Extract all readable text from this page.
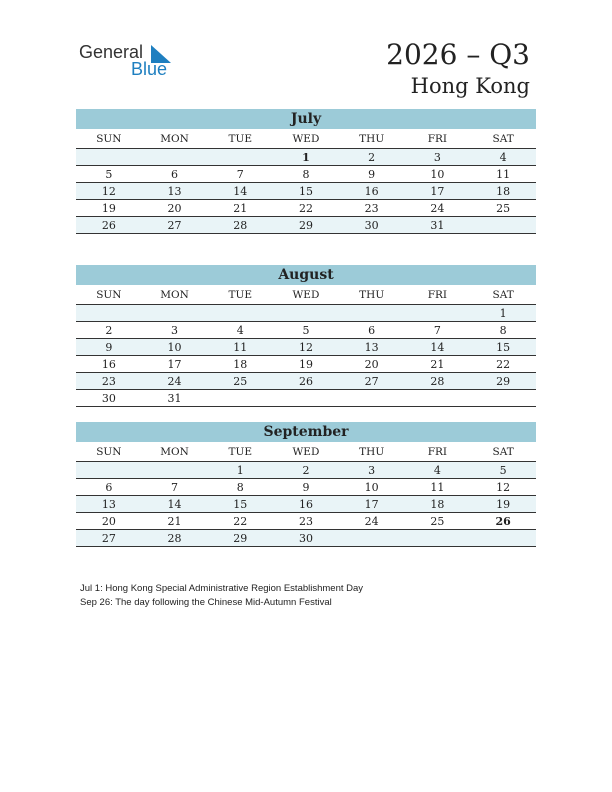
General
Blue	2026 – Q3
Hong Kong
July
SUN	MON	TUE	WED	THU	FRI	SAT
			1	2	3	4
5	6	7	8	9	10	11
12	13	14	15	16	17	18
19	20	21	22	23	24	25
26	27	28	29	30	31	
August
SUN	MON	TUE	WED	THU	FRI	SAT
						1
2	3	4	5	6	7	8
9	10	11	12	13	14	15
16	17	18	19	20	21	22
23	24	25	26	27	28	29
30	31					
September
SUN	MON	TUE	WED	THU	FRI	SAT
		1	2	3	4	5
6	7	8	9	10	11	12
13	14	15	16	17	18	19
20	21	22	23	24	25	26
27	28	29	30			
Jul 1: Hong Kong Special Administrative Region Establishment Day
Sep 26: The day following the Chinese Mid-Autumn Festival
